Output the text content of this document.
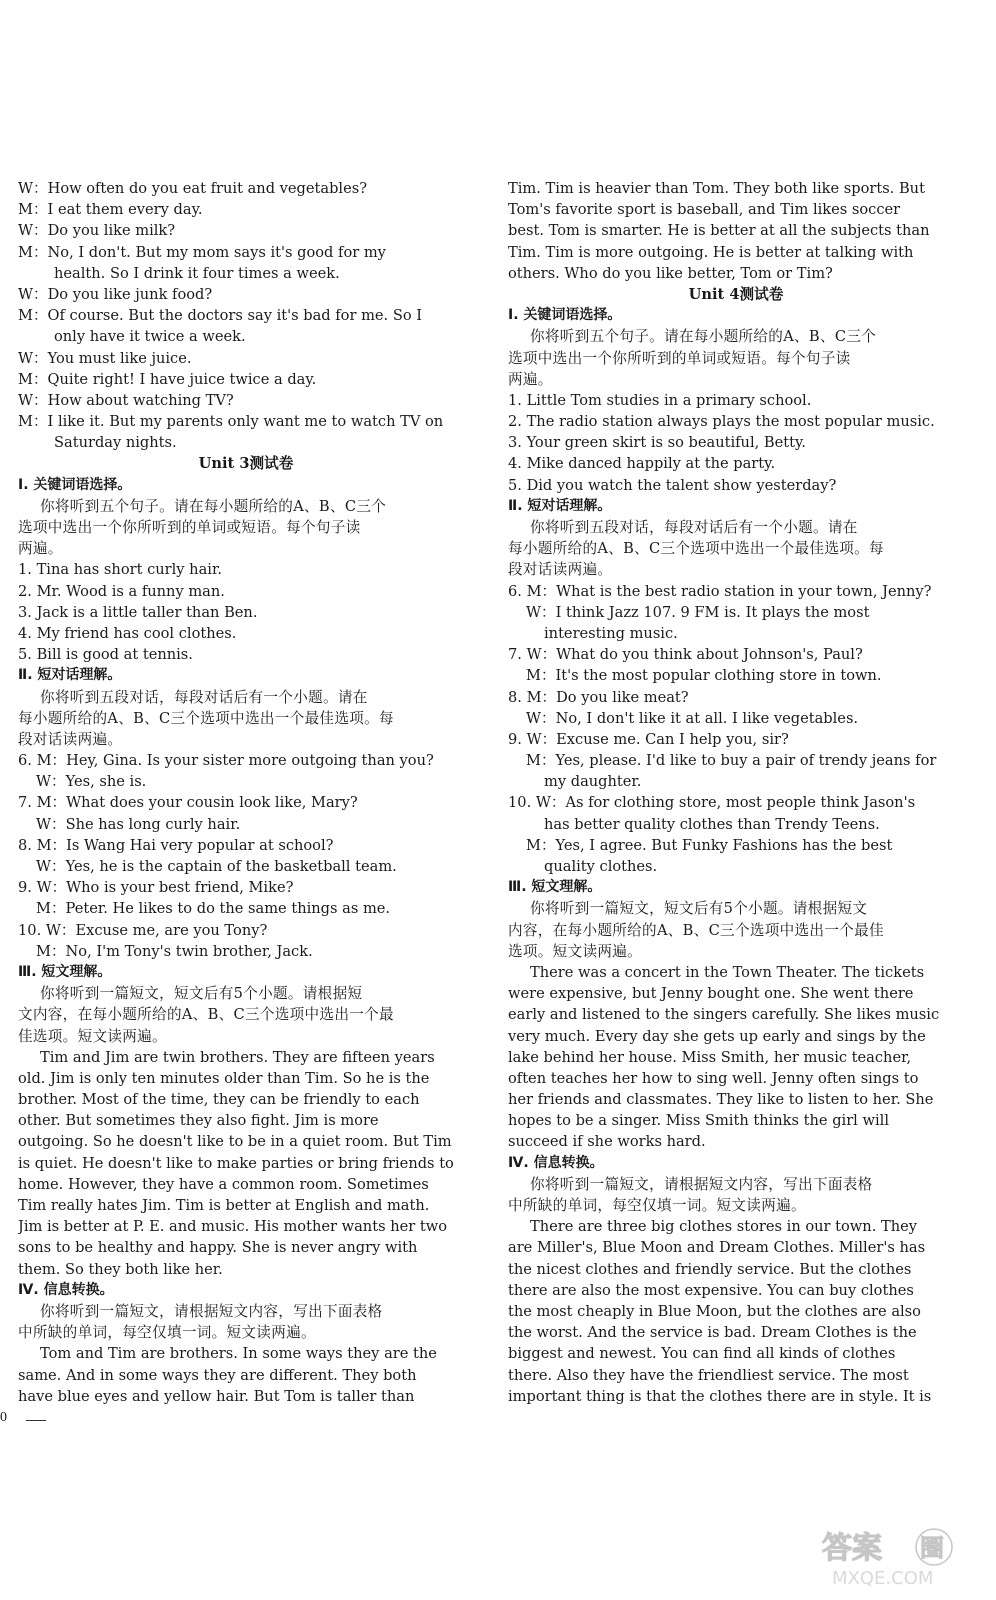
W：How often do you eat fruit and vegetables?
M：I eat them every day.
W：Do you like milk?
M：No, I don't. But my mom says it's good for my
health. So I drink it four times a week.
W：Do you like junk food?
M：Of course. But the doctors say it's bad for me. So I
only have it twice a week.
W：You must like juice.
M：Quite right! I have juice twice a day.
W：How about watching TV?
M：I like it. But my parents only want me to watch TV on
Saturday nights.
Unit 3测试卷
Ⅰ. 关键词语选择。
你将听到五个句子。请在每小题所给的A、B、C三个
选项中选出一个你所听到的单词或短语。每个句子读
两遍。
1. Tina has short curly hair.
2. Mr. Wood is a funny man.
3. Jack is a little taller than Ben.
4. My friend has cool clothes.
5. Bill is good at tennis.
Ⅱ. 短对话理解。
你将听到五段对话，每段对话后有一个小题。请在
每小题所给的A、B、C三个选项中选出一个最佳选项。每
段对话读两遍。
6. M：Hey, Gina. Is your sister more outgoing than you?
W：Yes, she is.
7. M：What does your cousin look like, Mary?
W：She has long curly hair.
8. M：Is Wang Hai very popular at school?
W：Yes, he is the captain of the basketball team.
9. W：Who is your best friend, Mike?
M：Peter. He likes to do the same things as me.
10. W：Excuse me, are you Tony?
M：No, I'm Tony's twin brother, Jack.
Ⅲ. 短文理解。
你将听到一篇短文，短文后有5个小题。请根据短
文内容，在每小题所给的A、B、C三个选项中选出一个最
佳选项。短文读两遍。
Tim and Jim are twin brothers. They are fifteen years
old. Jim is only ten minutes older than Tim. So he is the
brother. Most of the time, they can be friendly to each
other. But sometimes they also fight. Jim is more
outgoing. So he doesn't like to be in a quiet room. But Tim
is quiet. He doesn't like to make parties or bring friends to
home. However, they have a common room. Sometimes
Tim really hates Jim. Tim is better at English and math.
Jim is better at P. E. and music. His mother wants her two
sons to be healthy and happy. She is never angry with
them. So they both like her.
Ⅳ. 信息转换。
你将听到一篇短文，请根据短文内容，写出下面表格
中所缺的单词，每空仅填一词。短文读两遍。
Tom and Tim are brothers. In some ways they are the
same. And in some ways they are different. They both
have blue eyes and yellow hair. But Tom is taller than
Tim. Tim is heavier than Tom. They both like sports. But
Tom's favorite sport is baseball, and Tim likes soccer
best. Tom is smarter. He is better at all the subjects than
Tim. Tim is more outgoing. He is better at talking with
others. Who do you like better, Tom or Tim?
Unit 4测试卷
Ⅰ. 关键词语选择。
你将听到五个句子。请在每小题所给的A、B、C三个
选项中选出一个你所听到的单词或短语。每个句子读
两遍。
1. Little Tom studies in a primary school.
2. The radio station always plays the most popular music.
3. Your green skirt is so beautiful, Betty.
4. Mike danced happily at the party.
5. Did you watch the talent show yesterday?
Ⅱ. 短对话理解。
你将听到五段对话，每段对话后有一个小题。请在
每小题所给的A、B、C三个选项中选出一个最佳选项。每
段对话读两遍。
6. M：What is the best radio station in your town, Jenny?
W：I think Jazz 107. 9 FM is. It plays the most
interesting music.
7. W：What do you think about Johnson's, Paul?
M：It's the most popular clothing store in town.
8. M：Do you like meat?
W：No, I don't like it at all. I like vegetables.
9. W：Excuse me. Can I help you, sir?
M：Yes, please. I'd like to buy a pair of trendy jeans for
my daughter.
10. W：As for clothing store, most people think Jason's
has better quality clothes than Trendy Teens.
M：Yes, I agree. But Funky Fashions has the best
quality clothes.
Ⅲ. 短文理解。
你将听到一篇短文，短文后有5个小题。请根据短文
内容，在每小题所给的A、B、C三个选项中选出一个最佳
选项。短文读两遍。
There was a concert in the Town Theater. The tickets
were expensive, but Jenny bought one. She went there
early and listened to the singers carefully. She likes music
very much. Every day she gets up early and sings by the
lake behind her house. Miss Smith, her music teacher,
often teaches her how to sing well. Jenny often sings to
her friends and classmates. They like to listen to her. She
hopes to be a singer. Miss Smith thinks the girl will
succeed if she works hard.
Ⅳ. 信息转换。
你将听到一篇短文，请根据短文内容，写出下面表格
中所缺的单词，每空仅填一词。短文读两遍。
There are three big clothes stores in our town. They
are Miller's, Blue Moon and Dream Clothes. Miller's has
the nicest clothes and friendly service. But the clothes
there are also the most expensive. You can buy clothes
the most cheaply in Blue Moon, but the clothes are also
the worst. And the service is bad. Dream Clothes is the
biggest and newest. You can find all kinds of clothes
there. Also they have the friendliest service. The most
important thing is that the clothes there are in style. It is
0
答案 圈
MXQE.COM
